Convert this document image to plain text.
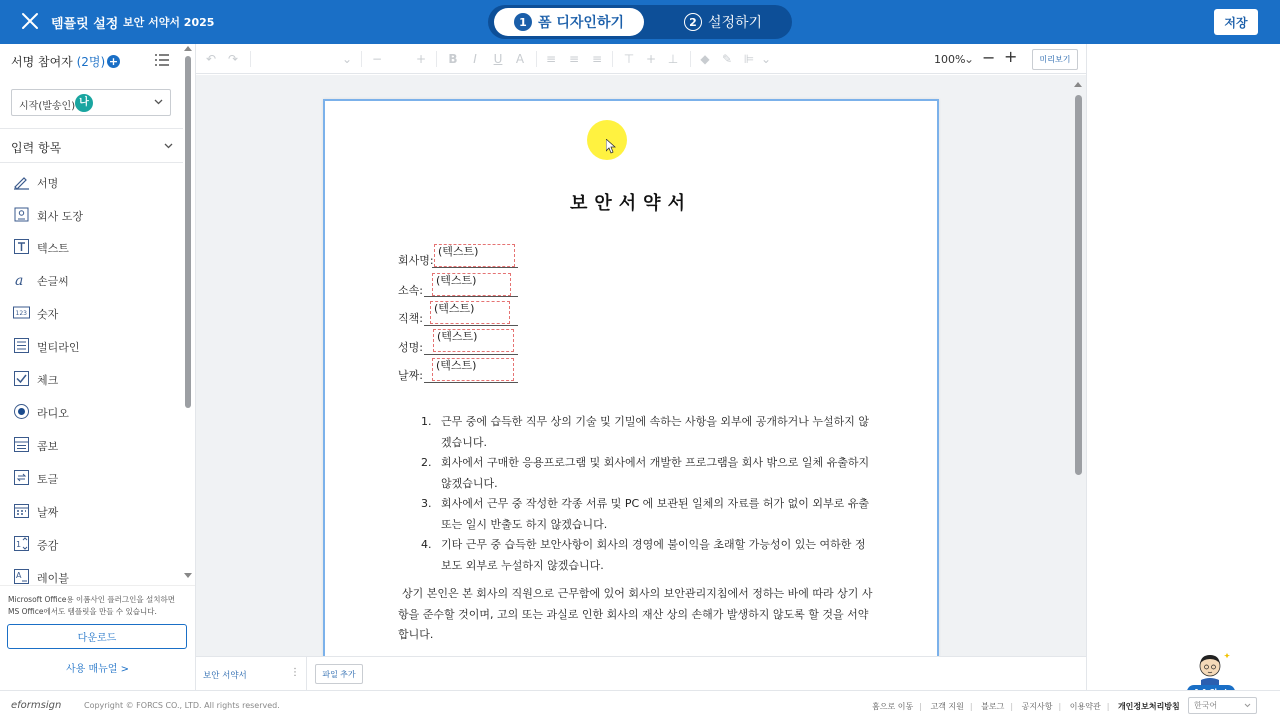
템플릿 설정 보안 서약서 2025	1 폼 디자인하기	2 설정하기	저장
서명 참여자 (2명) +
시작(발송인) 나
입력 항목
서명
회사 도장
텍스트
a 손글씨
123 숫자
멀티라인
체크
라디오
콤보
토글
날짜
1 증감
A 레이블
Microsoft Office용 이폼사인 플러그인을 설치하면 MS Office에서도 템플릿을 만들 수 있습니다.
다운로드
사용 매뉴얼 >
↶ ↷	⌄ −	+ B	I	U A ≡ ≡ ≡ ⊤ + ⊥ ◆ ✎ ⊫ ⌄	100%
⌄ − +	미리보기
보안서약서
회사명:
(텍스트)
소속:
(텍스트)
직책:
(텍스트)
성명:
(텍스트)
날짜:
(텍스트)
1. 근무 중에 습득한 직무 상의 기술 및 기밀에 속하는 사항을 외부에 공개하거나 누설하지 않겠습니다.
2. 회사에서 구매한 응용프로그램 및 회사에서 개발한 프로그램을 회사 밖으로 일체 유출하지 않겠습니다.
3. 회사에서 근무 중 작성한 각종 서류 및 PC 에 보관된 일체의 자료를 허가 없이 외부로 유출 또는 일시 반출도 하지 않겠습니다.
4. 기타 근무 중 습득한 보안사항이 회사의 경영에 불이익을 초래할 가능성이 있는 여하한 정보도 외부로 누설하지 않겠습니다.
상기 본인은 본 회사의 직원으로 근무함에 있어 회사의 보안관리지침에서 정하는 바에 따라 상기 사항을 준수할 것이며, 고의 또는 과실로 인한 회사의 재산 상의 손해가 발생하지 않도록 할 것을 서약합니다.
보안 서약서	⋮	파일 추가
eformsign	Copyright © FORCS CO., LTD. All rights reserved.	홈으로 이동 | 고객 지원 | 블로그 | 공지사항 | 이용약관 | 개인정보처리방침	한국어
